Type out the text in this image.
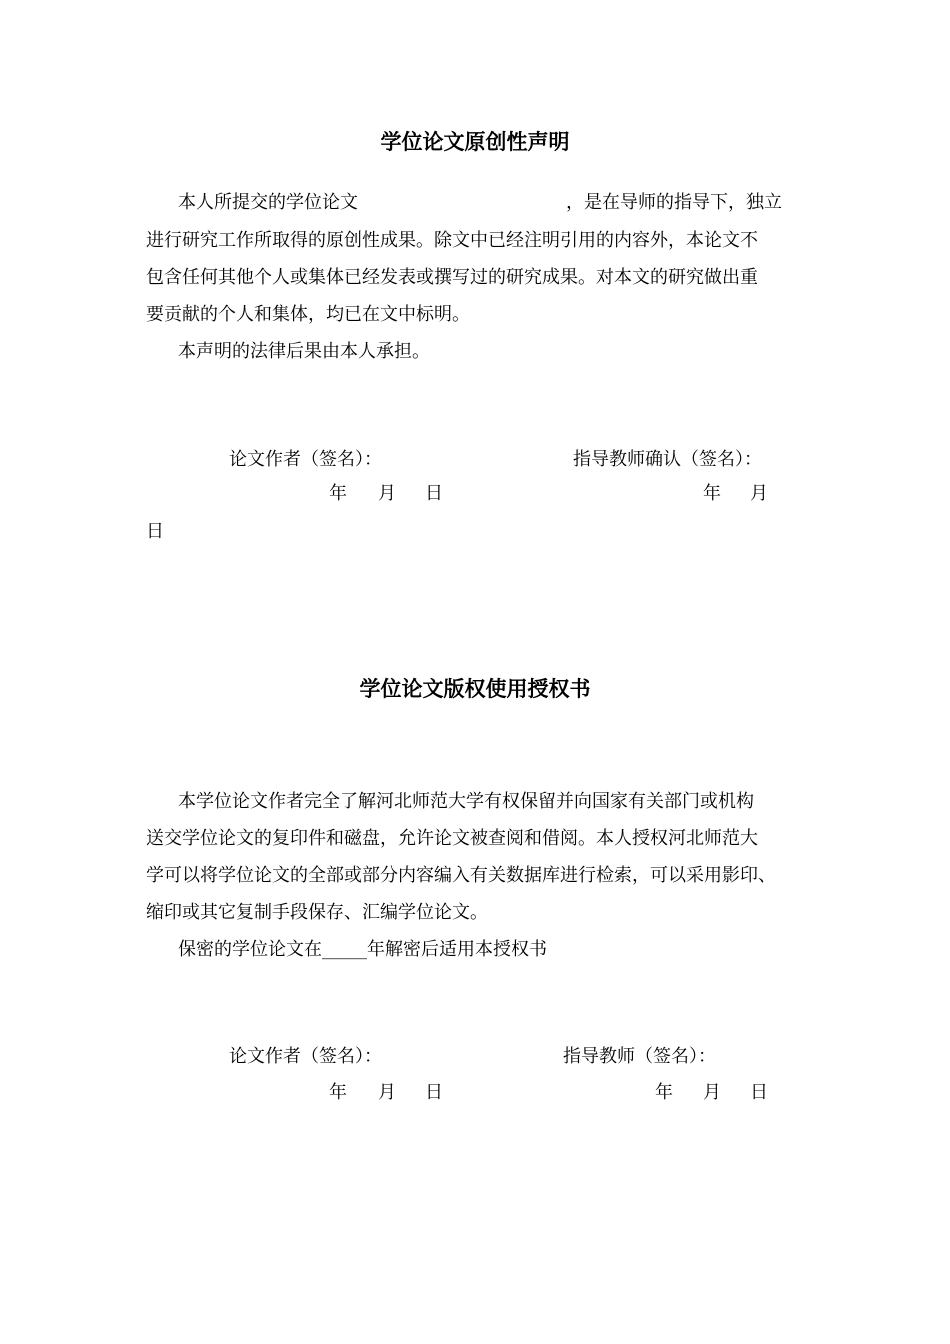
学位论文原创性声明
本人所提交的学位论文	，是在导师的指导下，独立
进行研究工作所取得的原创性成果。除文中已经注明引用的内容外，本论文不
包含任何其他个人或集体已经发表或撰写过的研究成果。对本文的研究做出重
要贡献的个人和集体，均已在文中标明。
本声明的法律后果由本人承担。
论文作者（签名）：	指导教师确认（签名）：
年 月 日	年 月
日
学位论文版权使用授权书
本学位论文作者完全了解河北师范大学有权保留并向国家有关部门或机构
送交学位论文的复印件和磁盘，允许论文被查阅和借阅。本人授权河北师范大
学可以将学位论文的全部或部分内容编入有关数据库进行检索，可以采用影印、
缩印或其它复制手段保存、汇编学位论文。
保密的学位论文在_____年解密后适用本授权书
论文作者（签名）：	指导教师（签名）：
年 月 日	年 月 日
